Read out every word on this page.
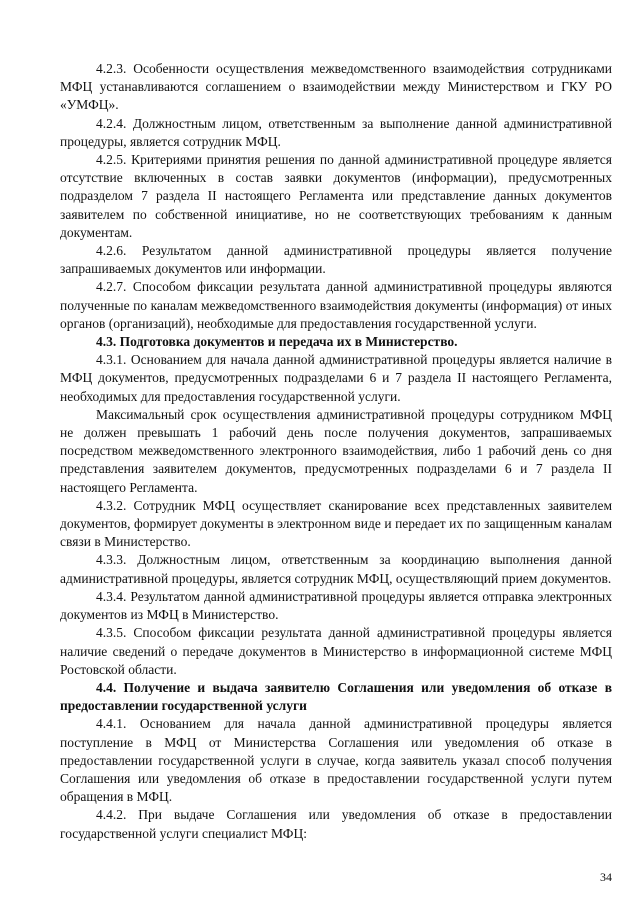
4.2.3. Особенности осуществления межведомственного взаимодействия сотрудниками МФЦ устанавливаются соглашением о взаимодействии между Министерством и ГКУ РО «УМФЦ».

4.2.4. Должностным лицом, ответственным за выполнение данной административной процедуры, является сотрудник МФЦ.

4.2.5. Критериями принятия решения по данной административной процедуре является отсутствие включенных в состав заявки документов (информации), предусмотренных подразделом 7 раздела II настоящего Регламента или представление данных документов заявителем по собственной инициативе, но не соответствующих требованиям к данным документам.

4.2.6. Результатом данной административной процедуры является получение запрашиваемых документов или информации.

4.2.7. Способом фиксации результата данной административной процедуры являются полученные по каналам межведомственного взаимодействия документы (информация) от иных органов (организаций), необходимые для предоставления государственной услуги.

4.3. Подготовка документов и передача их в Министерство.

4.3.1. Основанием для начала данной административной процедуры является наличие в МФЦ документов, предусмотренных подразделами 6 и 7 раздела II настоящего Регламента, необходимых для предоставления государственной услуги.

Максимальный срок осуществления административной процедуры сотрудником МФЦ не должен превышать 1 рабочий день после получения документов, запрашиваемых посредством межведомственного электронного взаимодействия, либо 1 рабочий день со дня представления заявителем документов, предусмотренных подразделами 6 и 7 раздела II настоящего Регламента.

4.3.2. Сотрудник МФЦ осуществляет сканирование всех представленных заявителем документов, формирует документы в электронном виде и передает их по защищенным каналам связи в Министерство.

4.3.3. Должностным лицом, ответственным за координацию выполнения данной административной процедуры, является сотрудник МФЦ, осуществляющий прием документов.

4.3.4. Результатом данной административной процедуры является отправка электронных документов из МФЦ в Министерство.

4.3.5. Способом фиксации результата данной административной процедуры является наличие сведений о передаче документов в Министерство в информационной системе МФЦ Ростовской области.

4.4. Получение и выдача заявителю Соглашения или уведомления об отказе в предоставлении государственной услуги

4.4.1. Основанием для начала данной административной процедуры является поступление в МФЦ от Министерства Соглашения или уведомления об отказе в предоставлении государственной услуги в случае, когда заявитель указал способ получения Соглашения или уведомления об отказе в предоставлении государственной услуги путем обращения в МФЦ.

4.4.2. При выдаче Соглашения или уведомления об отказе в предоставлении государственной услуги специалист МФЦ:

34
